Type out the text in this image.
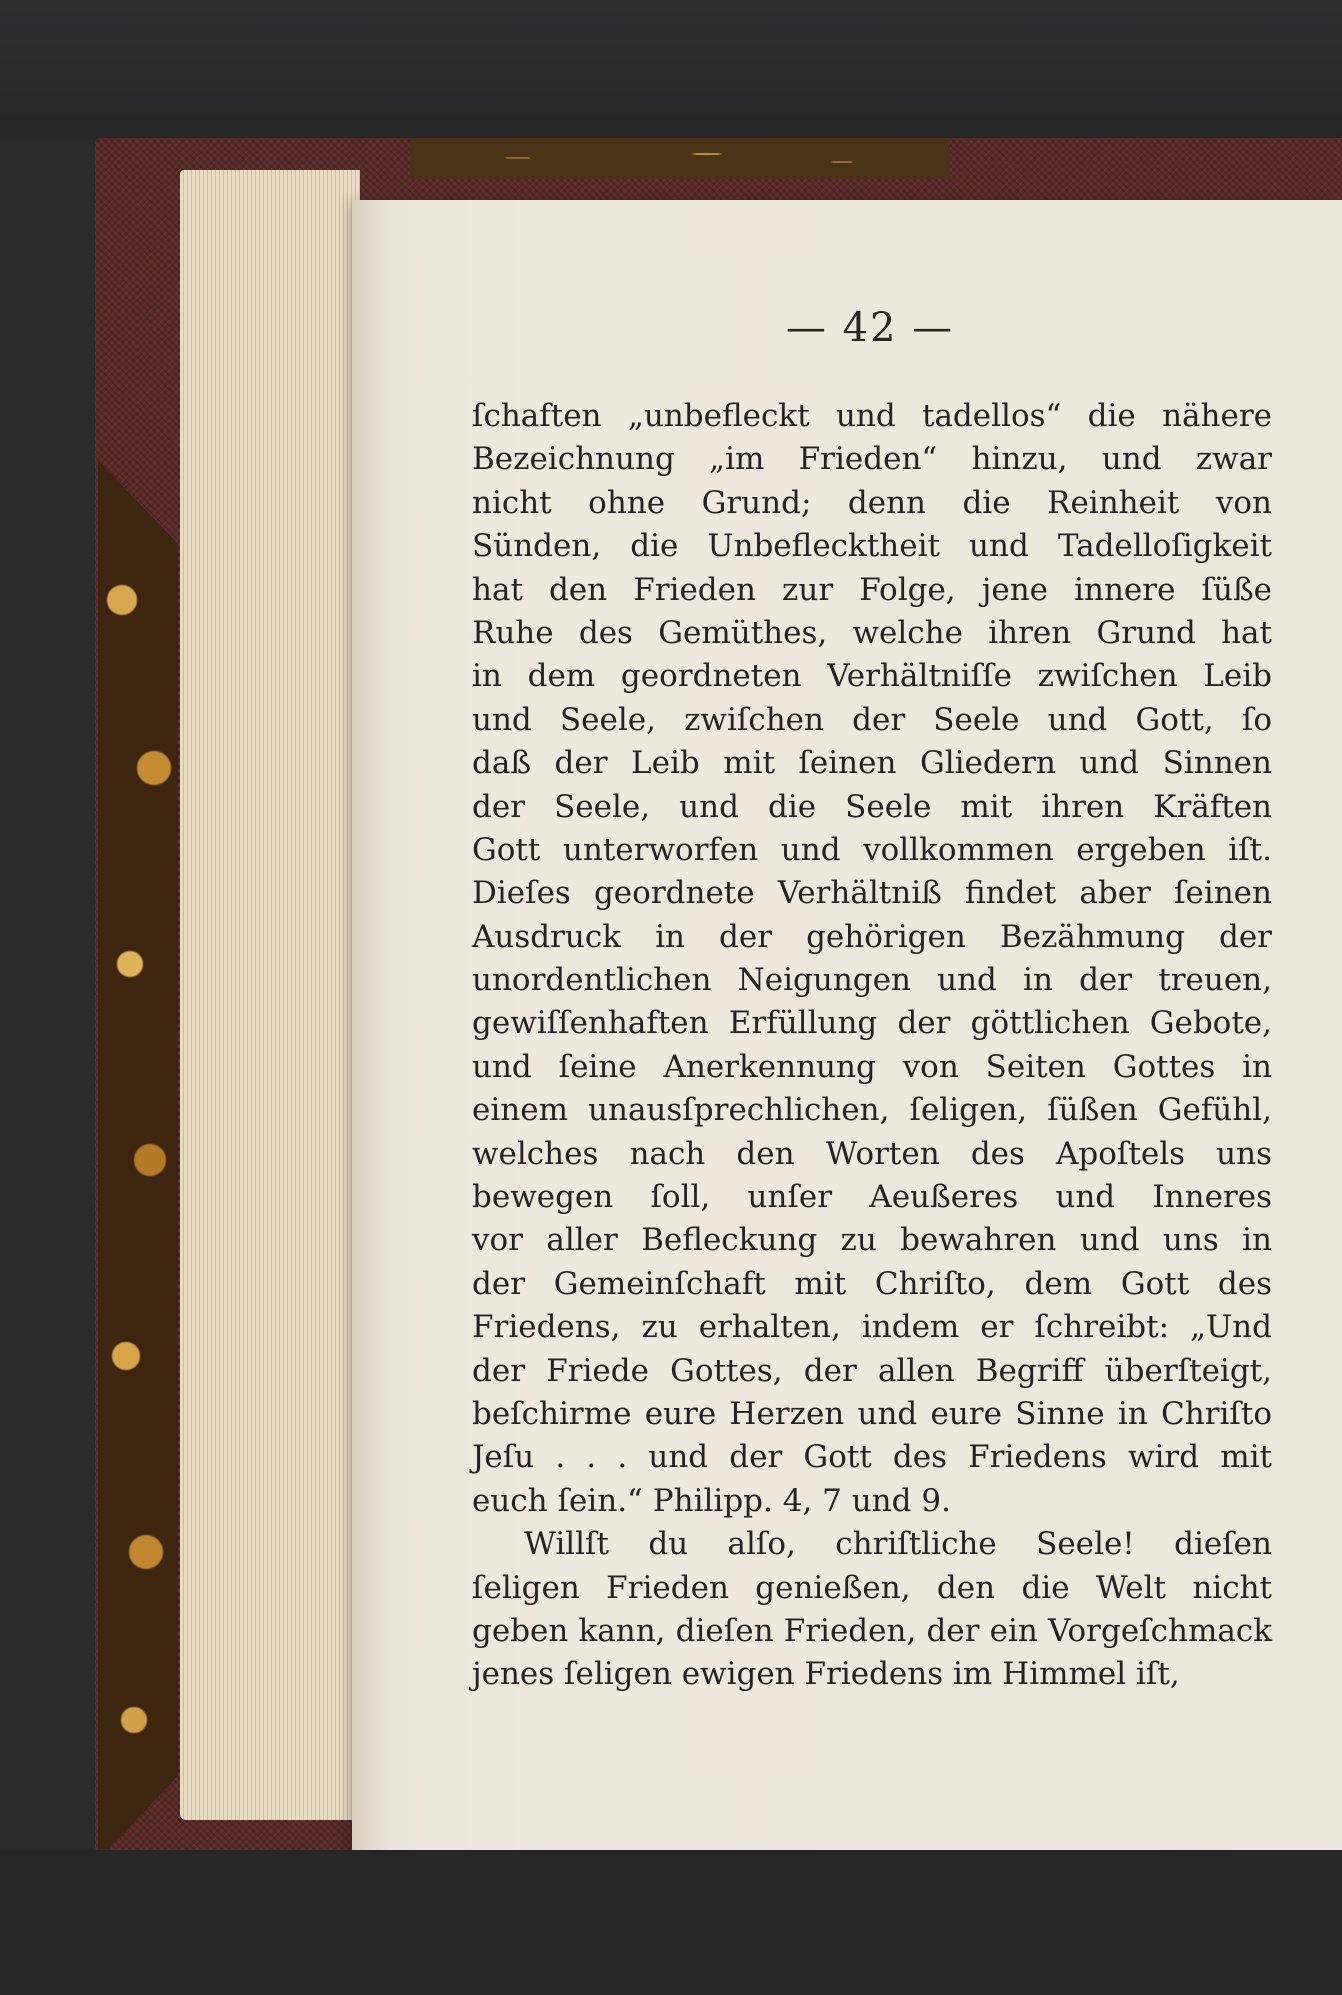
— 42 —
ſchaften „unbefleckt und tadellos“ die nähere
Bezeichnung „im Frieden“ hinzu, und zwar
nicht ohne Grund; denn die Reinheit von
Sünden, die Unbeflecktheit und Tadelloſigkeit
hat den Frieden zur Folge, jene innere ſüße
Ruhe des Gemüthes, welche ihren Grund hat
in dem geordneten Verhältniſſe zwiſchen Leib
und Seele, zwiſchen der Seele und Gott, ſo
daß der Leib mit ſeinen Gliedern und Sinnen
der Seele, und die Seele mit ihren Kräften
Gott unterworfen und vollkommen ergeben iſt.
Dieſes geordnete Verhältniß findet aber ſeinen
Ausdruck in der gehörigen Bezähmung der
unordentlichen Neigungen und in der treuen,
gewiſſenhaften Erfüllung der göttlichen Gebote,
und ſeine Anerkennung von Seiten Gottes in
einem unausſprechlichen, ſeligen, ſüßen Gefühl,
welches nach den Worten des Apoſtels uns
bewegen ſoll, unſer Aeußeres und Inneres
vor aller Befleckung zu bewahren und uns in
der Gemeinſchaft mit Chriſto, dem Gott des
Friedens, zu erhalten, indem er ſchreibt: „Und
der Friede Gottes, der allen Begriff überſteigt,
beſchirme eure Herzen und eure Sinne in Chriſto
Jeſu . . . und der Gott des Friedens wird mit
euch ſein.“ Philipp. 4, 7 und 9.
Willſt du alſo, chriſtliche Seele! dieſen
ſeligen Frieden genießen, den die Welt nicht
geben kann, dieſen Frieden, der ein Vorgeſchmack
jenes ſeligen ewigen Friedens im Himmel iſt,
